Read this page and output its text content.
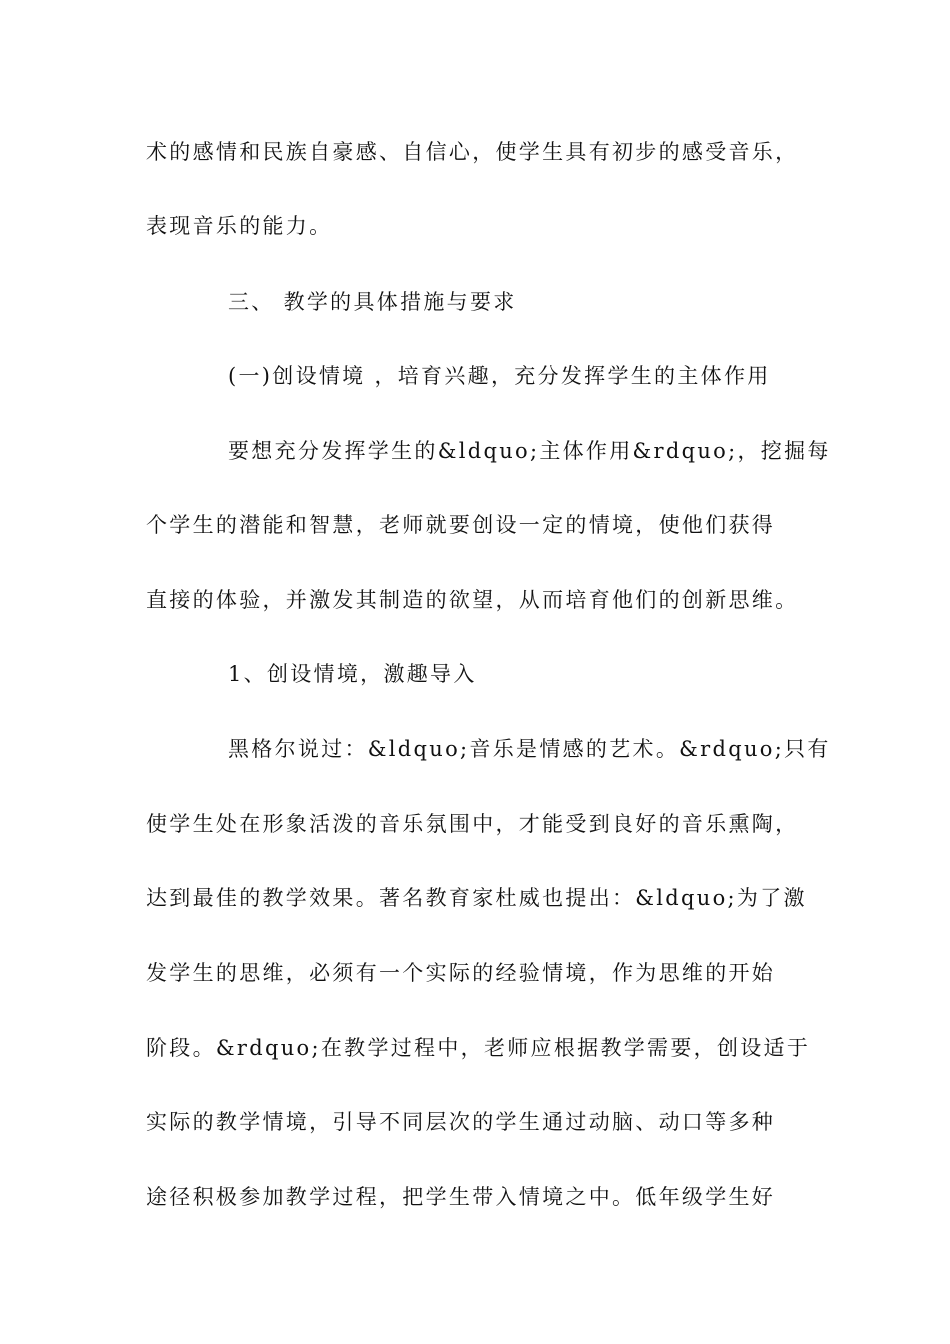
术的感情和民族自豪感、自信心，使学生具有初步的感受音乐，
表现音乐的能力。
三、 教学的具体措施与要求
(一)创设情境 ，培育兴趣，充分发挥学生的主体作用
要想充分发挥学生的&ldquo;主体作用&rdquo;，挖掘每
个学生的潜能和智慧，老师就要创设一定的情境，使他们获得
直接的体验，并激发其制造的欲望，从而培育他们的创新思维。
1、创设情境，激趣导入
黑格尔说过：&ldquo;音乐是情感的艺术。&rdquo;只有
使学生处在形象活泼的音乐氛围中，才能受到良好的音乐熏陶，
达到最佳的教学效果。著名教育家杜威也提出：&ldquo;为了激
发学生的思维，必须有一个实际的经验情境，作为思维的开始
阶段。&rdquo;在教学过程中，老师应根据教学需要，创设适于
实际的教学情境，引导不同层次的学生通过动脑、动口等多种
途径积极参加教学过程，把学生带入情境之中。低年级学生好
